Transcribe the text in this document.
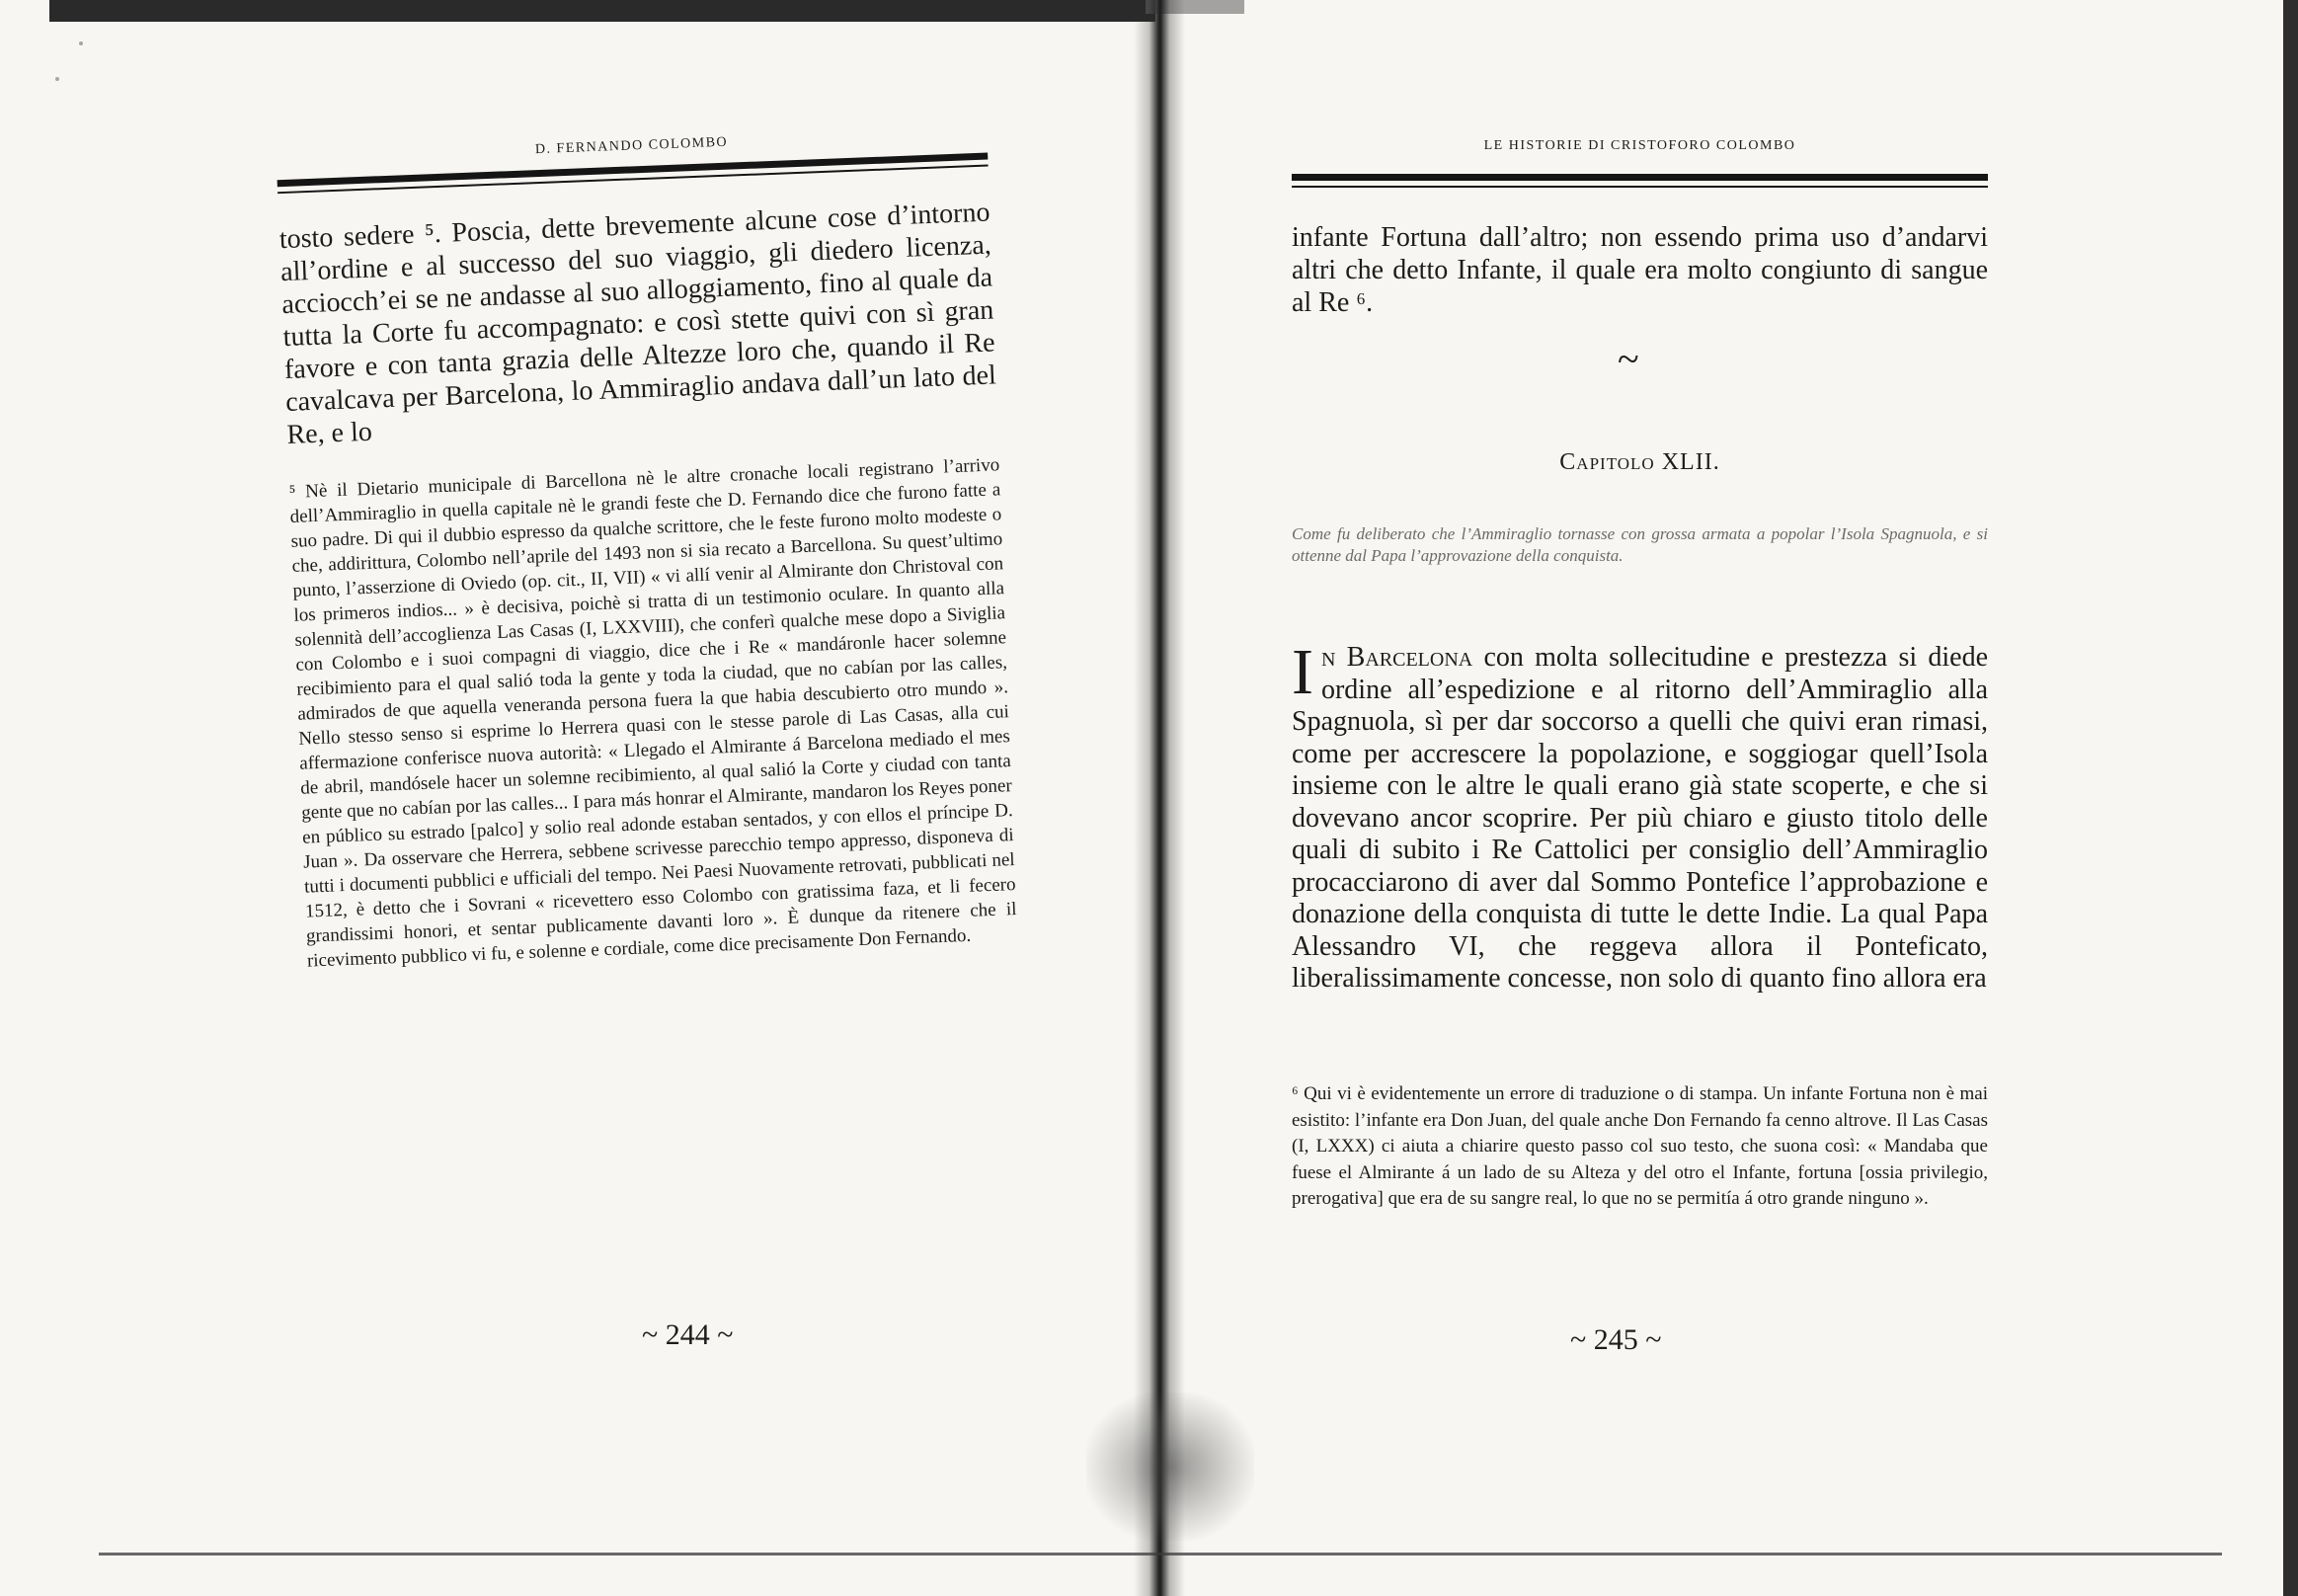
D. FERNANDO COLOMBO

tosto sedere ⁵. Poscia, dette brevemente alcune cose d’intorno all’ordine e al successo del suo viaggio, gli diedero licenza, acciocch’ei se ne andasse al suo alloggiamento, fino al quale da tutta la Corte fu accompagnato: e così stette quivi con sì gran favore e con tanta grazia delle Altezze loro che, quando il Re cavalcava per Barcelona, lo Ammiraglio andava dall’un lato del Re, e lo

⁵ Nè il Dietario municipale di Barcellona nè le altre cronache locali registrano l’arrivo dell’Ammiraglio in quella capitale nè le grandi feste che D. Fernando dice che furono fatte a suo padre. Di qui il dubbio espresso da qualche scrittore, che le feste furono molto modeste o che, addirittura, Colombo nell’aprile del 1493 non si sia recato a Barcellona. Su quest’ultimo punto, l’asserzione di Oviedo (op. cit., II, VII) « vi allí venir al Almirante don Christoval con los primeros indios... » è decisiva, poichè si tratta di un testimonio oculare. In quanto alla solennità dell’accoglienza Las Casas (I, LXXVIII), che conferì qualche mese dopo a Siviglia con Colombo e i suoi compagni di viaggio, dice che i Re « mandáronle hacer solemne recibimiento para el qual salió toda la gente y toda la ciudad, que no cabían por las calles, admirados de que aquella veneranda persona fuera la que habia descubierto otro mundo ». Nello stesso senso si esprime lo Herrera quasi con le stesse parole di Las Casas, alla cui affermazione conferisce nuova autorità: « Llegado el Almirante á Barcelona mediado el mes de abril, mandósele hacer un solemne recibimiento, al qual salió la Corte y ciudad con tanta gente que no cabían por las calles... I para más honrar el Almirante, mandaron los Reyes poner en público su estrado [palco] y solio real adonde estaban sentados, y con ellos el príncipe D. Juan ». Da osservare che Herrera, sebbene scrivesse parecchio tempo appresso, disponeva di tutti i documenti pubblici e ufficiali del tempo. Nei Paesi Nuovamente retrovati, pubblicati nel 1512, è detto che i Sovrani « ricevettero esso Colombo con gratissima faza, et li fecero grandissimi honori, et sentar publicamente davanti loro ». È dunque da ritenere che il ricevimento pubblico vi fu, e solenne e cordiale, come dice precisamente Don Fernando.

~ 244 ~
LE HISTORIE DI CRISTOFORO COLOMBO

infante Fortuna dall’altro; non essendo prima uso d’andarvi altri che detto Infante, il quale era molto congiunto di sangue al Re ⁶.

~
Capitolo XLII.
Come fu deliberato che l’Ammiraglio tornasse con grossa armata a popolar l’Isola Spagnuola, e si ottenne dal Papa l’approvazione della conquista.

In Barcelona con molta sollecitudine e prestezza si diede ordine all’espedizione e al ritorno dell’Ammiraglio alla Spagnuola, sì per dar soccorso a quelli che quivi eran rimasi, come per accrescere la popolazione, e soggiogar quell’Isola insieme con le altre le quali erano già state scoperte, e che si dovevano ancor scoprire. Per più chiaro e giusto titolo delle quali di subito i Re Cattolici per consiglio dell’Ammiraglio procacciarono di aver dal Sommo Pontefice l’approbazione e donazione della conquista di tutte le dette Indie. La qual Papa Alessandro VI, che reggeva allora il Ponteficato, liberalissimamente concesse, non solo di quanto fino allora era

⁶ Qui vi è evidentemente un errore di traduzione o di stampa. Un infante Fortuna non è mai esistito: l’infante era Don Juan, del quale anche Don Fernando fa cenno altrove. Il Las Casas (I, LXXX) ci aiuta a chiarire questo passo col suo testo, che suona così: « Mandaba que fuese el Almirante á un lado de su Alteza y del otro el Infante, fortuna [ossia privilegio, prerogativa] que era de su sangre real, lo que no se permitía á otro grande ninguno ».

~ 245 ~
